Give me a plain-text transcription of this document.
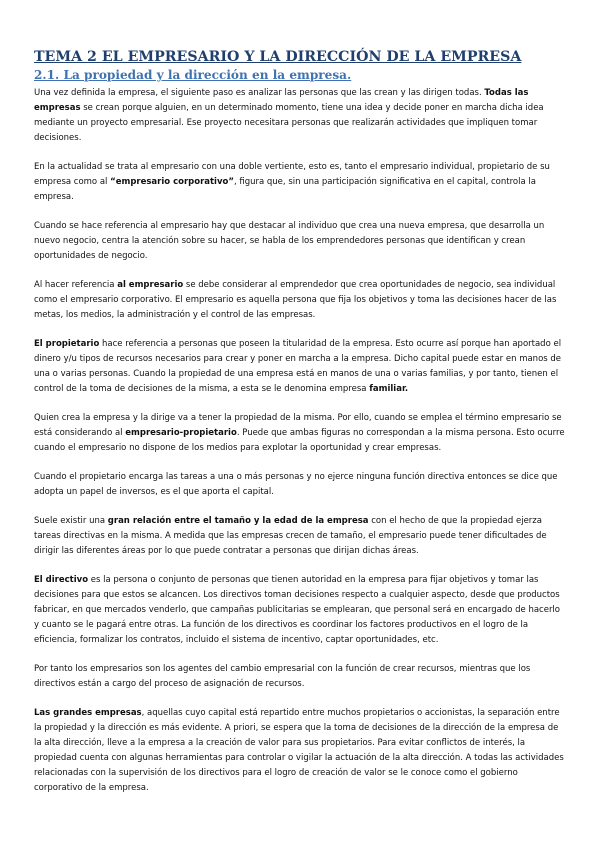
TEMA 2 EL EMPRESARIO Y LA DIRECCIÓN DE LA EMPRESA
2.1. La propiedad y la dirección en la empresa.

Una vez definida la empresa, el siguiente paso es analizar las personas que las crean y las dirigen todas. Todas las empresas se crean porque alguien, en un determinado momento, tiene una idea y decide poner en marcha dicha idea mediante un proyecto empresarial. Ese proyecto necesitara personas que realizarán actividades que impliquen tomar decisiones.

En la actualidad se trata al empresario con una doble vertiente, esto es, tanto el empresario individual, propietario de su empresa como al “empresario corporativo”, figura que, sin una participación significativa en el capital, controla la empresa.

Cuando se hace referencia al empresario hay que destacar al individuo que crea una nueva empresa, que desarrolla un nuevo negocio, centra la atención sobre su hacer, se habla de los emprendedores personas que identifican y crean oportunidades de negocio.

Al hacer referencia al empresario se debe considerar al emprendedor que crea oportunidades de negocio, sea individual como el empresario corporativo. El empresario es aquella persona que fija los objetivos y toma las decisiones hacer de las metas, los medios, la administración y el control de las empresas.

El propietario hace referencia a personas que poseen la titularidad de la empresa. Esto ocurre así porque han aportado el dinero y/u tipos de recursos necesarios para crear y poner en marcha a la empresa. Dicho capital puede estar en manos de una o varias personas. Cuando la propiedad de una empresa está en manos de una o varias familias, y por tanto, tienen el control de la toma de decisiones de la misma, a esta se le denomina empresa familiar.

Quien crea la empresa y la dirige va a tener la propiedad de la misma. Por ello, cuando se emplea el término empresario se está considerando al empresario-propietario. Puede que ambas figuras no correspondan a la misma persona. Esto ocurre cuando el empresario no dispone de los medios para explotar la oportunidad y crear empresas.

Cuando el propietario encarga las tareas a una o más personas y no ejerce ninguna función directiva entonces se dice que adopta un papel de inversos, es el que aporta el capital.

Suele existir una gran relación entre el tamaño y la edad de la empresa con el hecho de que la propiedad ejerza tareas directivas en la misma. A medida que las empresas crecen de tamaño, el empresario puede tener dificultades de dirigir las diferentes áreas por lo que puede contratar a personas que dirijan dichas áreas.

El directivo es la persona o conjunto de personas que tienen autoridad en la empresa para fijar objetivos y tomar las decisiones para que estos se alcancen. Los directivos toman decisiones respecto a cualquier aspecto, desde que productos fabricar, en que mercados venderlo, que campañas publicitarias se emplearan, que personal será en encargado de hacerlo y cuanto se le pagará entre otras. La función de los directivos es coordinar los factores productivos en el logro de la eficiencia, formalizar los contratos, incluido el sistema de incentivo, captar oportunidades, etc.

Por tanto los empresarios son los agentes del cambio empresarial con la función de crear recursos, mientras que los directivos están a cargo del proceso de asignación de recursos.

Las grandes empresas, aquellas cuyo capital está repartido entre muchos propietarios o accionistas, la separación entre la propiedad y la dirección es más evidente. A priori, se espera que la toma de decisiones de la dirección de la empresa de la alta dirección, lleve a la empresa a la creación de valor para sus propietarios. Para evitar conflictos de interés, la propiedad cuenta con algunas herramientas para controlar o vigilar la actuación de la alta dirección. A todas las actividades relacionadas con la supervisión de los directivos para el logro de creación de valor se le conoce como el gobierno corporativo de la empresa.
